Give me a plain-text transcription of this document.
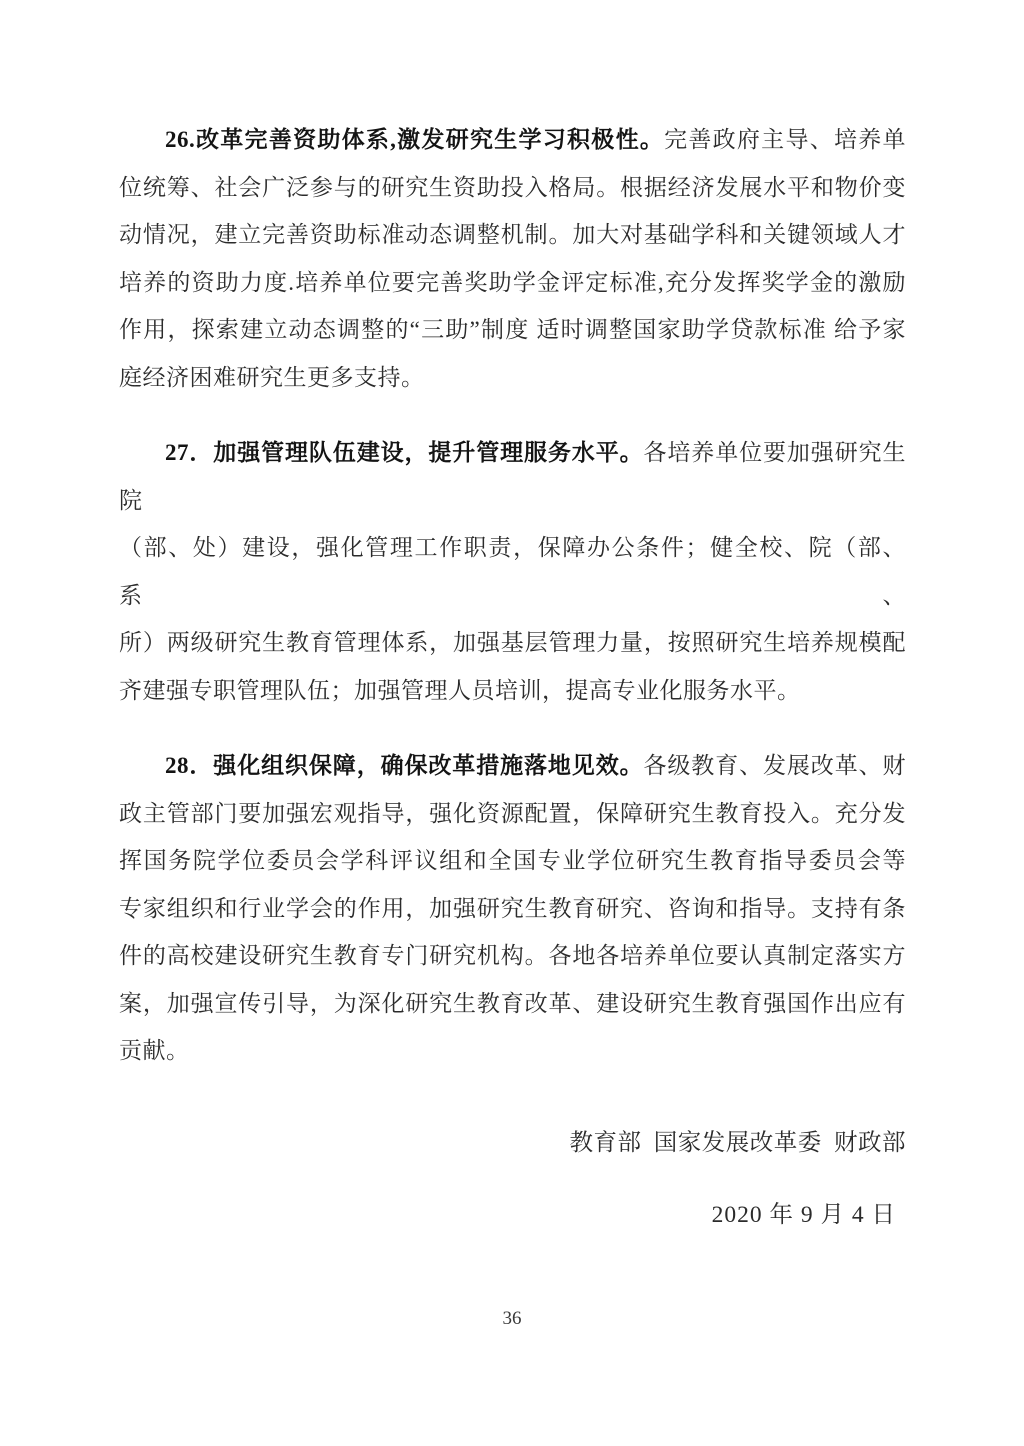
26.改革完善资助体系,激发研究生学习积极性。完善政府主导、培养单
位统筹、社会广泛参与的研究生资助投入格局。根据经济发展水平和物价变
动情况，建立完善资助标准动态调整机制。加大对基础学科和关键领域人才
培养的资助力度.培养单位要完善奖助学金评定标准,充分发挥奖学金的激励
作用，探索建立动态调整的“三助”制度 适时调整国家助学贷款标准 给予家
庭经济困难研究生更多支持。
27．加强管理队伍建设，提升管理服务水平。各培养单位要加强研究生院
（部、处）建设，强化管理工作职责，保障办公条件；健全校、院（部、系、
所）两级研究生教育管理体系，加强基层管理力量，按照研究生培养规模配
齐建强专职管理队伍；加强管理人员培训，提高专业化服务水平。
28．强化组织保障，确保改革措施落地见效。各级教育、发展改革、财
政主管部门要加强宏观指导，强化资源配置，保障研究生教育投入。充分发
挥国务院学位委员会学科评议组和全国专业学位研究生教育指导委员会等
专家组织和行业学会的作用，加强研究生教育研究、咨询和指导。支持有条
件的高校建设研究生教育专门研究机构。各地各培养单位要认真制定落实方
案，加强宣传引导，为深化研究生教育改革、建设研究生教育强国作出应有
贡献。
教育部 国家发展改革委 财政部
2020 年 9 月 4 日
36
